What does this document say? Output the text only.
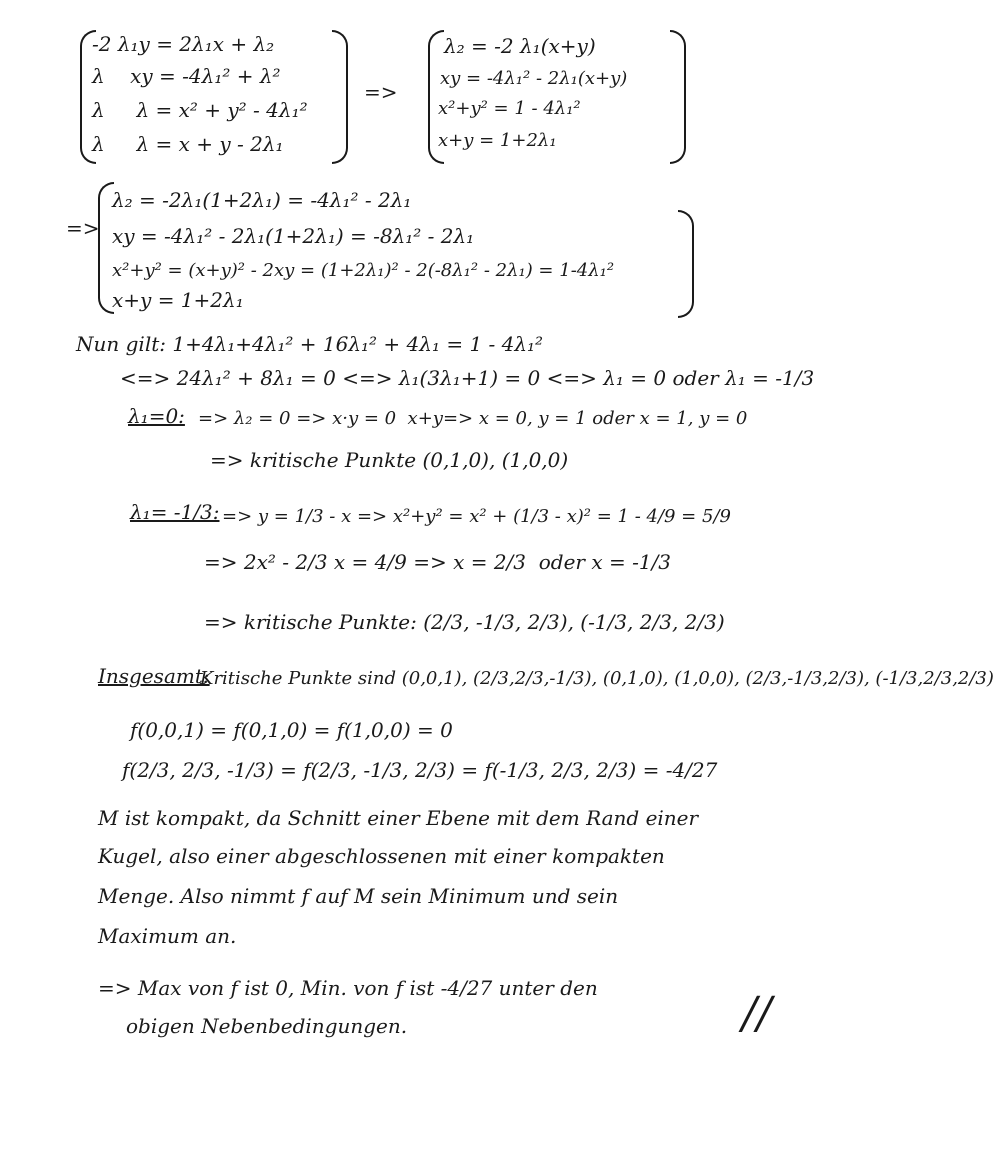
-2 λ₁y = 2λ₁x + λ₂
λ    xy = -4λ₁² + λ²
λ     λ = x² + y² - 4λ₁²
λ     λ = x + y - 2λ₁
=>
λ₂ = -2 λ₁(x+y)
xy = -4λ₁² - 2λ₁(x+y)
x²+y² = 1 - 4λ₁²
x+y = 1+2λ₁
=>
λ₂ = -2λ₁(1+2λ₁) = -4λ₁² - 2λ₁
xy = -4λ₁² - 2λ₁(1+2λ₁) = -8λ₁² - 2λ₁
x²+y² = (x+y)² - 2xy = (1+2λ₁)² - 2(-8λ₁² - 2λ₁) = 1-4λ₁²
x+y = 1+2λ₁
Nun gilt: 1+4λ₁+4λ₁² + 16λ₁² + 4λ₁ = 1 - 4λ₁²
<=> 24λ₁² + 8λ₁ = 0 <=> λ₁(3λ₁+1) = 0 <=> λ₁ = 0 oder λ₁ = -1/3
λ₁=0: => λ₂ = 0 => x·y = 0  x+y=> x = 0, y = 1 oder x = 1, y = 0
=> kritische Punkte (0,1,0), (1,0,0)
λ₁= -1/3: => y = 1/3 - x => x²+y² = x² + (1/3 - x)² = 1 - 4/9 = 5/9
=> 2x² - 2/3 x = 4/9 => x = 2/3  oder x = -1/3
=> kritische Punkte: (2/3, -1/3, 2/3), (-1/3, 2/3, 2/3)
Insgesamt:
Kritische Punkte sind (0,0,1), (2/3,2/3,-1/3), (0,1,0), (1,0,0), (2/3,-1/3,2/3), (-1/3,2/3,2/3)
f(0,0,1) = f(0,1,0) = f(1,0,0) = 0
f(2/3, 2/3, -1/3) = f(2/3, -1/3, 2/3) = f(-1/3, 2/3, 2/3) = -4/27
M ist kompakt, da Schnitt einer Ebene mit dem Rand einer
Kugel, also einer abgeschlossenen mit einer kompakten
Menge. Also nimmt f auf M sein Minimum und sein
Maximum an.
=> Max von f ist 0, Min. von f ist -4/27 unter den
obigen Nebenbedingungen.	//
